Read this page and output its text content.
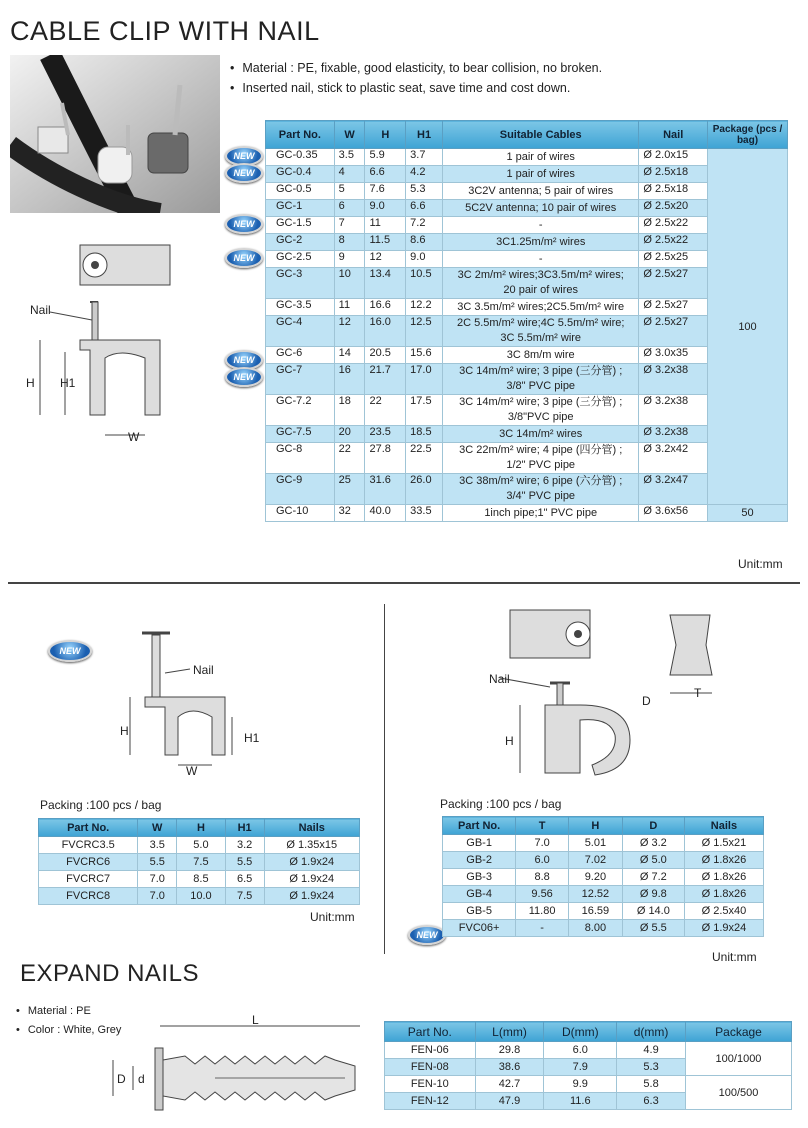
CABLE CLIP WITH NAIL
• Material : PE, fixable, good elasticity, to bear collision, no broken.
• Inserted nail, stick to plastic seat, save time and cost down.
Nail
H H1
W
NEW
NEW
NEW
NEW
NEW
NEW
Part No.	W	H	H1	Suitable Cables	Nail	Package (pcs / bag)
GC-0.35	3.5	5.9	3.7	1 pair of wires	Ø 2.0x15	100
GC-0.4	4	6.6	4.2	1 pair of wires	Ø 2.5x18	
GC-0.5	5	7.6	5.3	3C2V antenna; 5 pair of wires	Ø 2.5x18	
GC-1	6	9.0	6.6	5C2V antenna; 10 pair of wires	Ø 2.5x20	
GC-1.5	7	11	7.2	-	Ø 2.5x22	
GC-2	8	11.5	8.6	3C1.25m/m² wires	Ø 2.5x22	
GC-2.5	9	12	9.0	-	Ø 2.5x25	
GC-3	10	13.4	10.5	3C 2m/m² wires;3C3.5m/m² wires;
20 pair of wires	Ø 2.5x27	
GC-3.5	11	16.6	12.2	3C 3.5m/m² wires;2C5.5m/m² wire	Ø 2.5x27	
GC-4	12	16.0	12.5	2C 5.5m/m² wire;4C 5.5m/m² wire;
3C 5.5m/m² wire	Ø 2.5x27	
GC-6	14	20.5	15.6	3C 8m/m wire	Ø 3.0x35	
GC-7	16	21.7	17.0	3C 14m/m² wire; 3 pipe (三分管) ;
3/8" PVC pipe	Ø 3.2x38	
GC-7.2	18	22	17.5	3C 14m/m² wire; 3 pipe (三分管) ;
3/8"PVC pipe	Ø 3.2x38	
GC-7.5	20	23.5	18.5	3C 14m/m² wires	Ø 3.2x38	
GC-8	22	27.8	22.5	3C 22m/m² wire; 4 pipe (四分管) ;
1/2" PVC pipe	Ø 3.2x42	
GC-9	25	31.6	26.0	3C 38m/m² wire; 6 pipe (六分管) ;
3/4" PVC pipe	Ø 3.2x47	
GC-10	32	40.0	33.5	1inch pipe;1" PVC pipe	Ø 3.6x56	50
Unit:mm
NEW
Nail
H	H1
W
Packing :100 pcs / bag
Part No.	W	H	H1	Nails
FVCRC3.5	3.5	5.0	3.2	Ø 1.35x15
FVCRC6	5.5	7.5	5.5	Ø 1.9x24
FVCRC7	7.0	8.5	6.5	Ø 1.9x24
FVCRC8	7.0	10.0	7.5	Ø 1.9x24
Unit:mm
Nail
T
D
H
Packing :100 pcs / bag
NEW
Part No.	T	H	D	Nails
GB-1	7.0	5.01	Ø 3.2	Ø 1.5x21
GB-2	6.0	7.02	Ø 5.0	Ø 1.8x26
GB-3	8.8	9.20	Ø 7.2	Ø 1.8x26
GB-4	9.56	12.52	Ø 9.8	Ø 1.8x26
GB-5	11.80	16.59	Ø 14.0	Ø 2.5x40
FVC06+	-	8.00	Ø 5.5	Ø 1.9x24
Unit:mm
EXPAND NAILS
• Material : PE
• Color : White, Grey
L
D d
Part No.	L(mm)	D(mm)	d(mm)	Package
FEN-06	29.8	6.0	4.9	100/1000
FEN-08	38.6	7.9	5.3	
FEN-10	42.7	9.9	5.8	100/500
FEN-12	47.9	11.6	6.3	
